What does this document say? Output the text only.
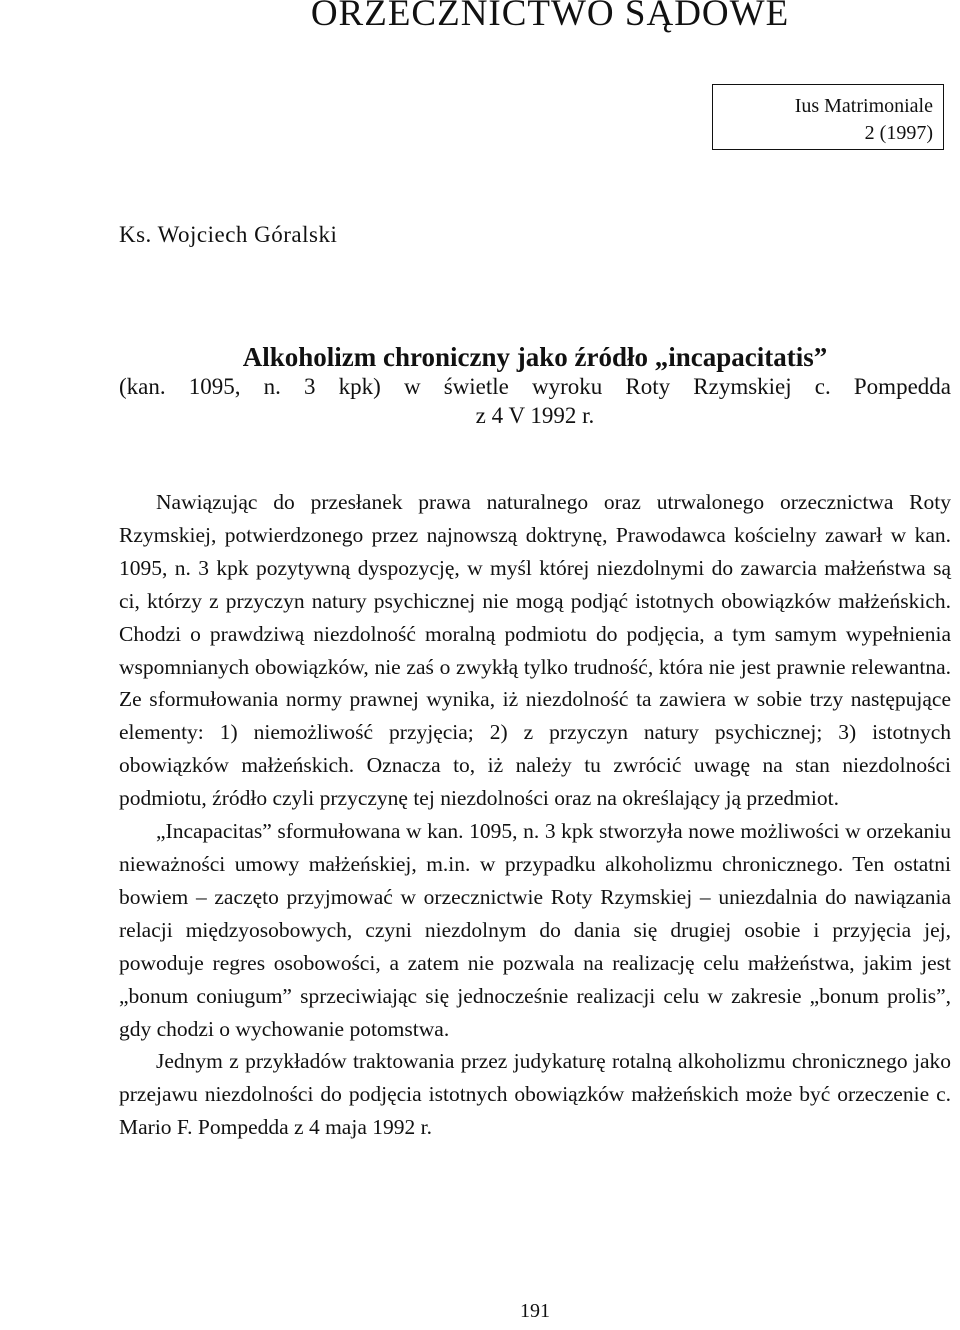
ORZECZNICTWO SĄDOWE
Ius Matrimoniale
2 (1997)
Ks. Wojciech Góralski
Alkoholizm chroniczny jako źródło „incapacitatis”
(kan. 1095, n. 3 kpk) w świetle wyroku Roty Rzymskiej c. Pompedda
z 4 V 1992 r.

Nawiązując do przesłanek prawa naturalnego oraz utrwalonego orzecznictwa Roty Rzymskiej, potwierdzonego przez najnowszą doktrynę, Prawodawca kościelny zawarł w kan. 1095, n. 3 kpk pozytywną dyspozycję, w myśl której niezdolnymi do zawarcia małżeństwa są ci, którzy z przyczyn natury psychicznej nie mogą podjąć istotnych obowiązków małżeńskich. Chodzi o prawdziwą niezdolność moralną podmiotu do podjęcia, a tym samym wypełnienia wspomnianych obowiązków, nie zaś o zwykłą tylko trudność, która nie jest prawnie relewantna. Ze sformułowania normy prawnej wynika, iż niezdolność ta zawiera w sobie trzy następujące elementy: 1) niemożliwość przyjęcia; 2) z przyczyn natury psychicznej; 3) istotnych obowiązków małżeńskich. Oznacza to, iż należy tu zwrócić uwagę na stan niezdolności podmiotu, źródło czyli przyczynę tej niezdolności oraz na określający ją przedmiot.

„Incapacitas” sformułowana w kan. 1095, n. 3 kpk stworzyła nowe możliwości w orzekaniu nieważności umowy małżeńskiej, m.in. w przypadku alkoholizmu chronicznego. Ten ostatni bowiem – zaczęto przyjmować w orzecznictwie Roty Rzymskiej – uniezdalnia do nawiązania relacji międzyosobowych, czyni niezdolnym do dania się drugiej osobie i przyjęcia jej, powoduje regres osobowości, a zatem nie pozwala na realizację celu małżeństwa, jakim jest „bonum coniugum” sprzeciwiając się jednocześnie realizacji celu w zakresie „bonum prolis”, gdy chodzi o wychowanie potomstwa.

Jednym z przykładów traktowania przez judykaturę rotalną alkoholizmu chronicznego jako przejawu niezdolności do podjęcia istotnych obowiązków małżeńskich może być orzeczenie c. Mario F. Pompedda z 4 maja 1992 r.

191
